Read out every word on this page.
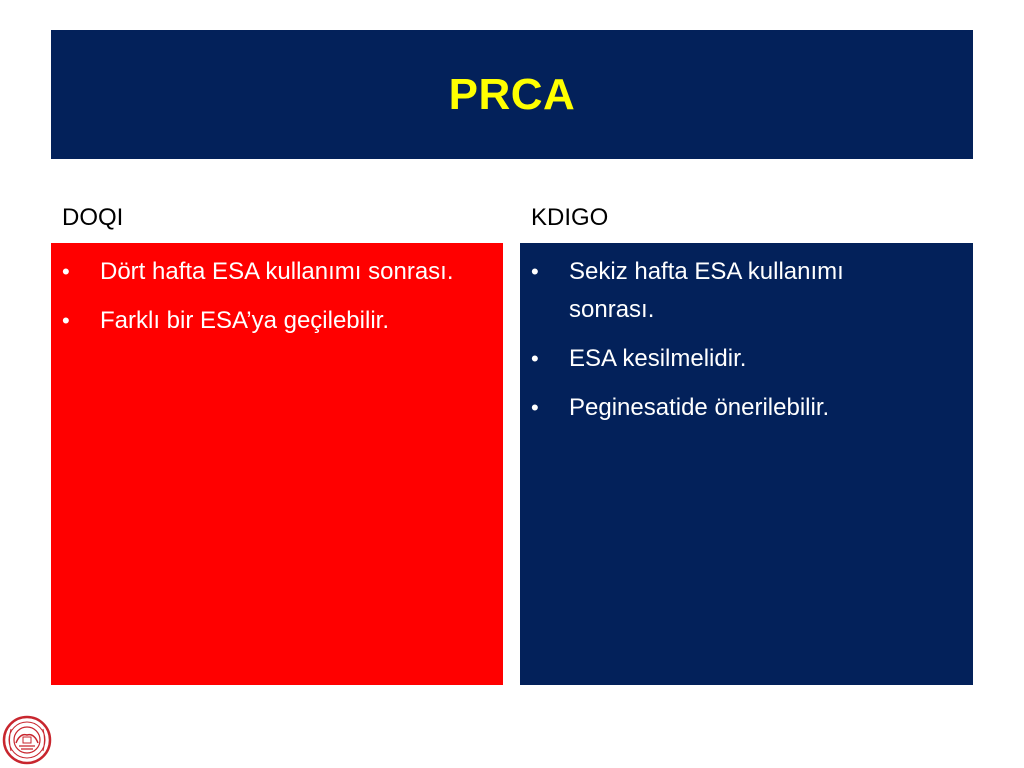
PRCA
DOQI	KDIGO
• Dört hafta ESA kullanımı sonrası.
• Farklı bir ESA’ya geçilebilir.
• Sekiz hafta ESA kullanımı sonrası.
• ESA kesilmelidir.
• Peginesatide önerilebilir.
